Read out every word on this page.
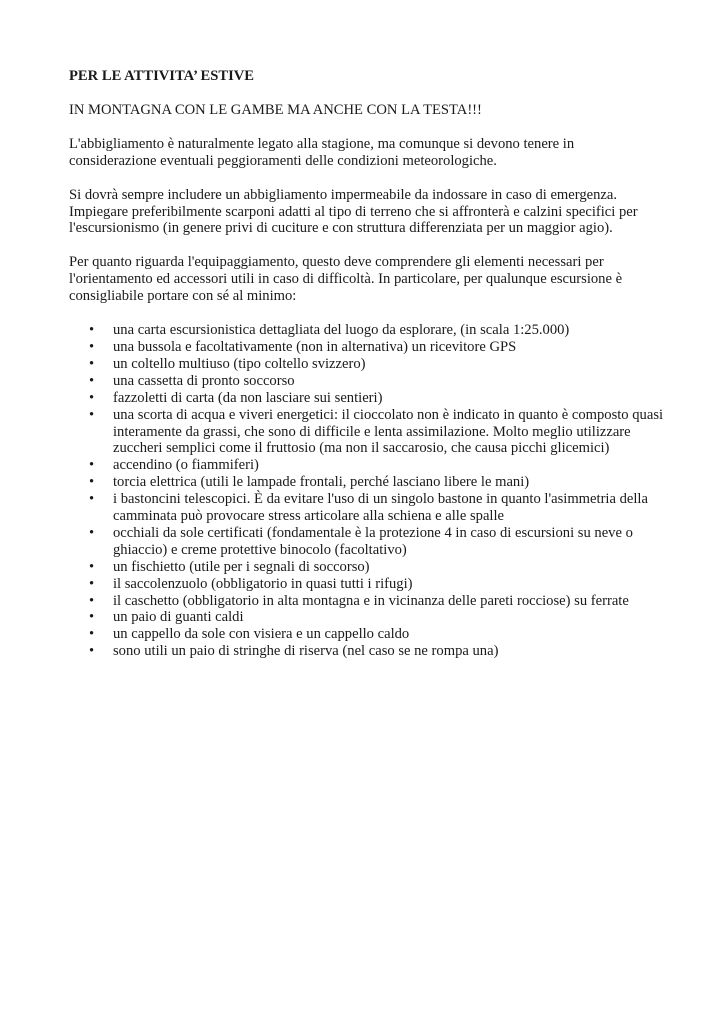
PER LE ATTIVITA’ ESTIVE
IN MONTAGNA CON LE GAMBE MA ANCHE CON LA TESTA!!!

L'abbigliamento è naturalmente legato alla stagione, ma comunque si devono tenere in considerazione eventuali peggioramenti delle condizioni meteorologiche.

Si dovrà sempre includere un abbigliamento impermeabile da indossare in caso di emergenza. Impiegare preferibilmente scarponi adatti al tipo di terreno che si affronterà e calzini specifici per l'escursionismo (in genere privi di cuciture e con struttura differenziata per un maggior agio).

Per quanto riguarda l'equipaggiamento, questo deve comprendere gli elementi necessari per l'orientamento ed accessori utili in caso di difficoltà. In particolare, per qualunque escursione è consigliabile portare con sé al minimo:

• una carta escursionistica dettagliata del luogo da esplorare, (in scala 1:25.000)
• una bussola e facoltativamente (non in alternativa) un ricevitore GPS
• un coltello multiuso (tipo coltello svizzero)
• una cassetta di pronto soccorso
• fazzoletti di carta (da non lasciare sui sentieri)
• una scorta di acqua e viveri energetici: il cioccolato non è indicato in quanto è composto quasi interamente da grassi, che sono di difficile e lenta assimilazione. Molto meglio utilizzare zuccheri semplici come il fruttosio (ma non il saccarosio, che causa picchi glicemici)
• accendino (o fiammiferi)
• torcia elettrica (utili le lampade frontali, perché lasciano libere le mani)
• i bastoncini telescopici. È da evitare l'uso di un singolo bastone in quanto l'asimmetria della camminata può provocare stress articolare alla schiena e alle spalle
• occhiali da sole certificati (fondamentale è la protezione 4 in caso di escursioni su neve o ghiaccio) e creme protettive binocolo (facoltativo)
• un fischietto (utile per i segnali di soccorso)
• il saccolenzuolo (obbligatorio in quasi tutti i rifugi)
• il caschetto (obbligatorio in alta montagna e in vicinanza delle pareti rocciose) su ferrate
• un paio di guanti caldi
• un cappello da sole con visiera e un cappello caldo
• sono utili un paio di stringhe di riserva (nel caso se ne rompa una)
